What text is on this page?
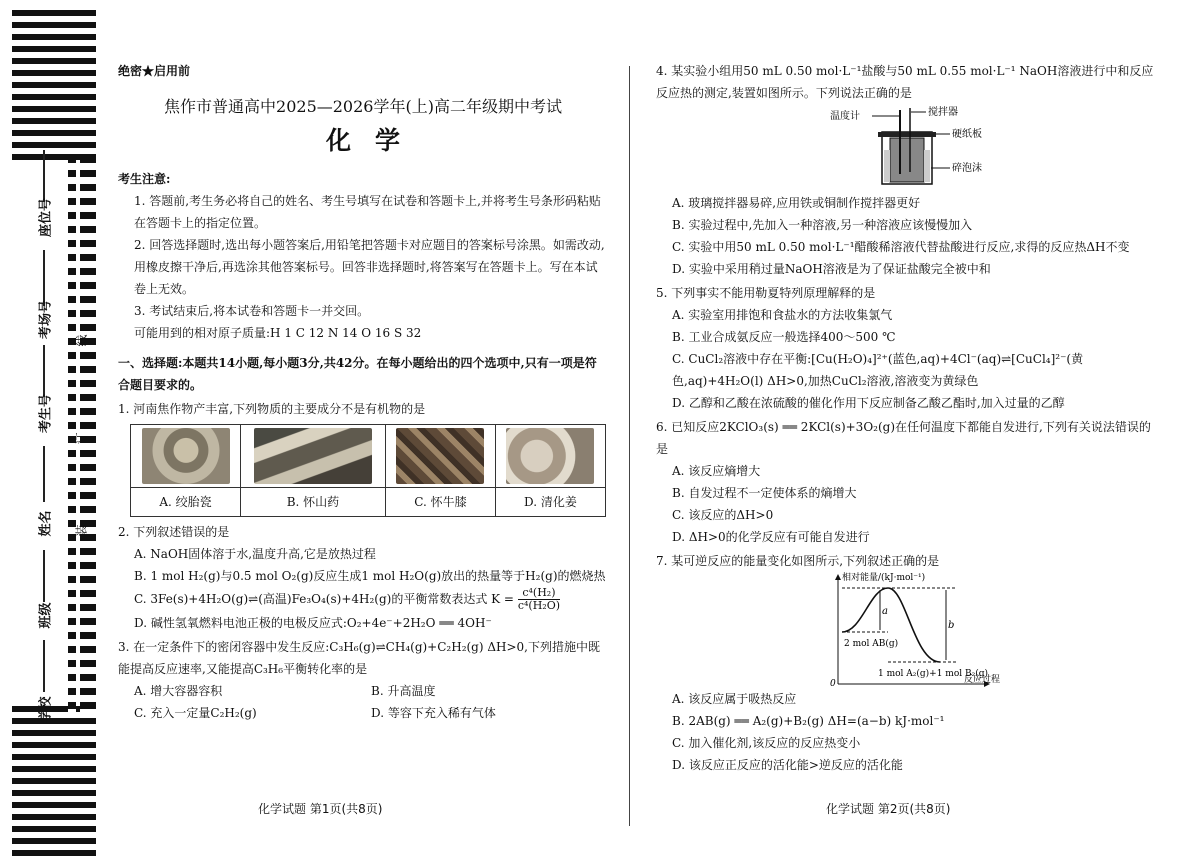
座位号
考场号
考生号
姓名
班级
学校
线
订
装

绝密★启用前

焦作市普通高中2025—2026学年(上)高二年级期中考试

化学

考生注意:

1. 答题前,考生务必将自己的姓名、考生号填写在试卷和答题卡上,并将考生号条形码粘贴在答题卡上的指定位置。

2. 回答选择题时,选出每小题答案后,用铅笔把答题卡对应题目的答案标号涂黑。如需改动,用橡皮擦干净后,再选涂其他答案标号。回答非选择题时,将答案写在答题卡上。写在本试卷上无效。

3. 考试结束后,将本试卷和答题卡一并交回。

可能用到的相对原子质量:H 1 C 12 N 14 O 16 S 32

一、选择题:本题共14小题,每小题3分,共42分。在每小题给出的四个选项中,只有一项是符合题目要求的。

1. 河南焦作物产丰富,下列物质的主要成分不是有机物的是

A. 绞胎瓷	B. 怀山药	C. 怀牛膝	D. 清化姜

2. 下列叙述错误的是

A. NaOH固体溶于水,温度升高,它是放热过程

B. 1 mol H₂(g)与0.5 mol O₂(g)反应生成1 mol H₂O(g)放出的热量等于H₂(g)的燃烧热

C. 3Fe(s)+4H₂O(g)⇌(高温)Fe₃O₄(s)+4H₂(g)的平衡常数表达式 $K = \frac{\text{c⁴(H₂)}}{\text{c⁴(H₂O)}}$

D. 碱性氢氧燃料电池正极的电极反应式:O₂+4e⁻+2H₂O ══ 4OH⁻

3. 在一定条件下的密闭容器中发生反应:C₃H₆(g)⇌CH₄(g)+C₂H₂(g) ΔH>0,下列措施中既能提高反应速率,又能提高C₃H₆平衡转化率的是

A. 增大容器容积	B. 升高温度
C. 充入一定量C₂H₂(g)	D. 等容下充入稀有气体

4. 某实验小组用50 mL 0.50 mol·L⁻¹盐酸与50 mL 0.55 mol·L⁻¹ NaOH溶液进行中和反应反应热的测定,装置如图所示。下列说法正确的是

温度计	搅拌器
硬纸板
碎泡沫

A. 玻璃搅拌器易碎,应用铁或铜制作搅拌器更好

B. 实验过程中,先加入一种溶液,另一种溶液应该慢慢加入

C. 实验中用50 mL 0.50 mol·L⁻¹醋酸稀溶液代替盐酸进行反应,求得的反应热ΔH不变

D. 实验中采用稍过量NaOH溶液是为了保证盐酸完全被中和

5. 下列事实不能用勒夏特列原理解释的是

A. 实验室用排饱和食盐水的方法收集氯气

B. 工业合成氨反应一般选择400～500 ℃

C. CuCl₂溶液中存在平衡:[Cu(H₂O)₄]²⁺(蓝色,aq)+4Cl⁻(aq)⇌[CuCl₄]²⁻(黄色,aq)+4H₂O(l) ΔH>0,加热CuCl₂溶液,溶液变为黄绿色

D. 乙醇和乙酸在浓硫酸的催化作用下反应制备乙酸乙酯时,加入过量的乙醇

6. 已知反应2KClO₃(s) ══ 2KCl(s)+3O₂(g)在任何温度下都能自发进行,下列有关说法错误的是

A. 该反应熵增大

B. 自发过程不一定使体系的熵增大

C. 该反应的ΔH>0

D. ΔH>0的化学反应有可能自发进行

7. 某可逆反应的能量变化如图所示,下列叙述正确的是

a
b
相对能量/(kJ·mol⁻¹)
2 mol AB(g)
1 mol A₂(g)+1 mol B₂(g)
0	反应过程

A. 该反应属于吸热反应

B. 2AB(g) ══ A₂(g)+B₂(g) ΔH=(a−b) kJ·mol⁻¹

C. 加入催化剂,该反应的反应热变小

D. 该反应正反应的活化能>逆反应的活化能

化学试题 第1页(共8页)	化学试题 第2页(共8页)
